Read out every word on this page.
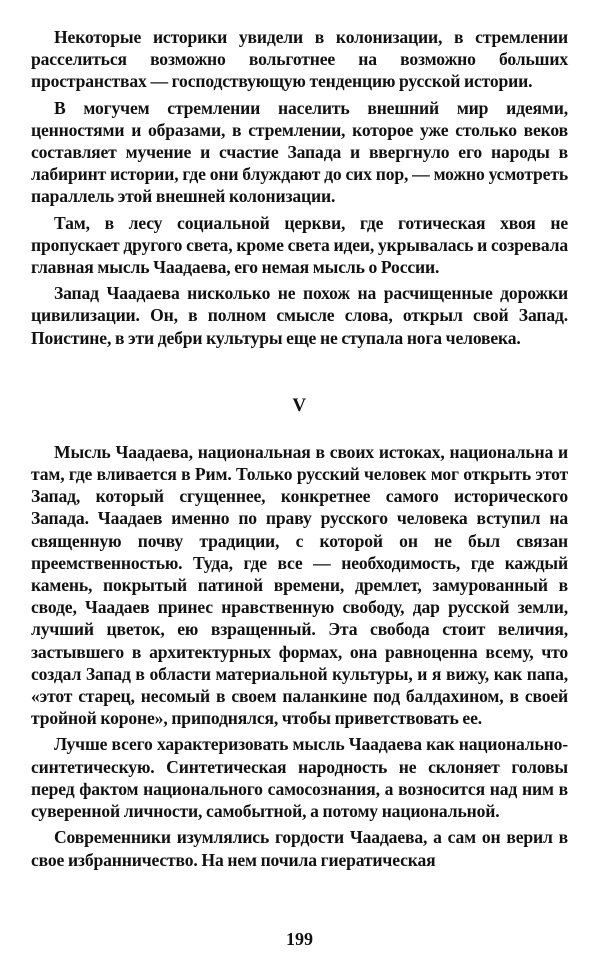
Некоторые историки увидели в колонизации, в стремлении расселиться возможно вольготнее на возможно больших пространствах — господствующую тенденцию русской истории.

В могучем стремлении населить внешний мир идеями, ценностями и образами, в стремлении, которое уже столько веков составляет мучение и счастие Запада и ввергнуло его народы в лабиринт истории, где они блуждают до сих пор, — можно усмотреть параллель этой внешней колонизации.

Там, в лесу социальной церкви, где готическая хвоя не пропускает другого света, кроме света идеи, укрывалась и созревала главная мысль Чаадаева, его немая мысль о России.

Запад Чаадаева нисколько не похож на расчищенные дорожки цивилизации. Он, в полном смысле слова, открыл свой Запад. Поистине, в эти дебри культуры еще не ступала нога человека.

V

Мысль Чаадаева, национальная в своих истоках, национальна и там, где вливается в Рим. Только русский человек мог открыть этот Запад, который сгущеннее, конкретнее самого исторического Запада. Чаадаев именно по праву русского человека вступил на священную почву традиции, с которой он не был связан преемственностью. Туда, где все — необходимость, где каждый камень, покрытый патиной времени, дремлет, замурованный в своде, Чаадаев принес нравственную свободу, дар русской земли, лучший цветок, ею взращенный. Эта свобода стоит величия, застывшего в архитектурных формах, она равноценна всему, что создал Запад в области материальной культуры, и я вижу, как папа, «этот старец, несомый в своем паланкине под балдахином, в своей тройной короне», приподнялся, чтобы приветствовать ее.

Лучше всего характеризовать мысль Чаадаева как национально-синтетическую. Синтетическая народность не склоняет головы перед фактом национального самосознания, а возносится над ним в суверенной личности, самобытной, а потому национальной.

Современники изумлялись гордости Чаадаева, а сам он верил в свое избранничество. На нем почила гиератическая

199
